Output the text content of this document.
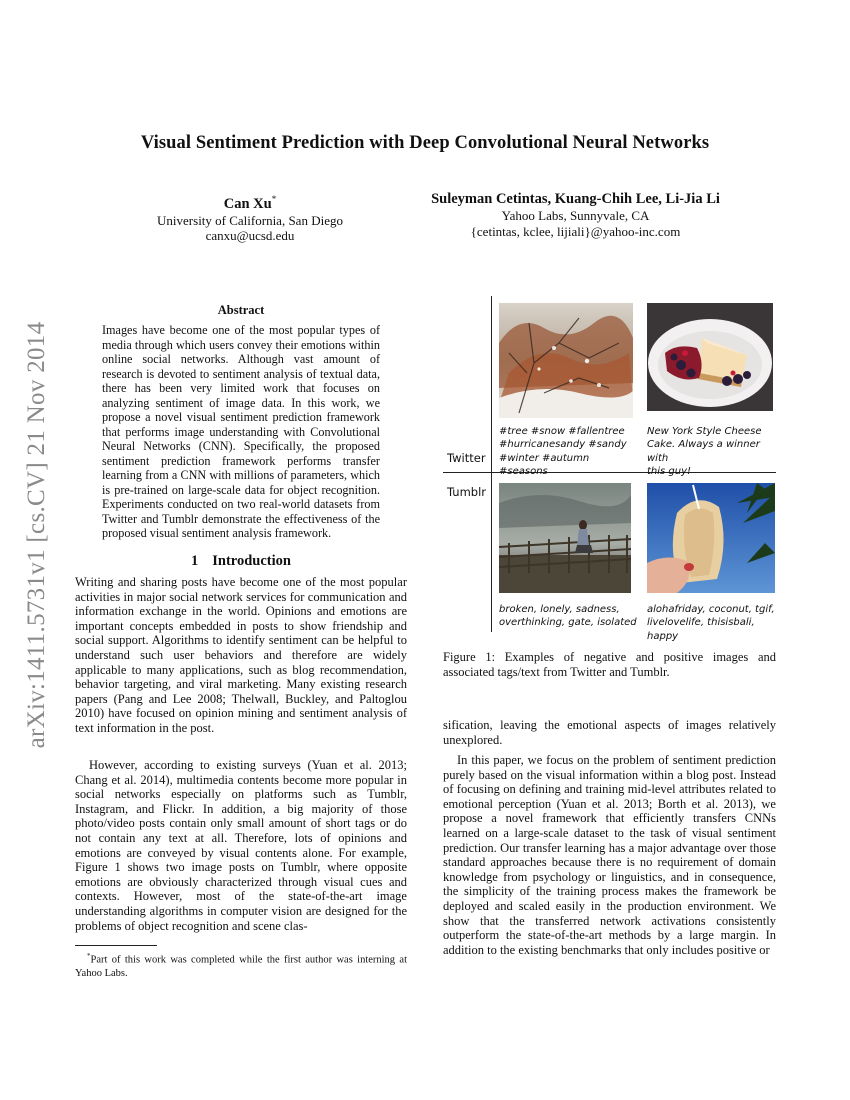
Visual Sentiment Prediction with Deep Convolutional Neural Networks
Can Xu*
University of California, San Diego
canxu@ucsd.edu
Suleyman Cetintas, Kuang-Chih Lee, Li-Jia Li
Yahoo Labs, Sunnyvale, CA
{cetintas, kclee, lijiali}@yahoo-inc.com
arXiv:1411.5731v1 [cs.CV] 21 Nov 2014
Abstract
Images have become one of the most popular types of media through which users convey their emotions within online social networks. Although vast amount of research is devoted to sentiment analysis of textual data, there has been very limited work that focuses on analyzing sentiment of image data. In this work, we propose a novel visual sentiment prediction framework that performs image understanding with Convolutional Neural Networks (CNN). Specifically, the proposed sentiment prediction framework performs transfer learning from a CNN with millions of parameters, which is pre-trained on large-scale data for object recognition. Experiments conducted on two real-world datasets from Twitter and Tumblr demonstrate the effectiveness of the proposed visual sentiment analysis framework.
1 Introduction
Writing and sharing posts have become one of the most popular activities in major social network services for communication and information exchange in the world. Opinions and emotions are important concepts embedded in posts to show friendship and social support. Algorithms to identify sentiment can be helpful to understand such user behaviors and therefore are widely applicable to many applications, such as blog recommendation, behavior targeting, and viral marketing. Many existing research papers (Pang and Lee 2008; Thelwall, Buckley, and Paltoglou 2010) have focused on opinion mining and sentiment analysis of text information in the post.
However, according to existing surveys (Yuan et al. 2013; Chang et al. 2014), multimedia contents become more popular in social networks especially on platforms such as Tumblr, Instagram, and Flickr. In addition, a big majority of those photo/video posts contain only small amount of short tags or do not contain any text at all. Therefore, lots of opinions and emotions are conveyed by visual contents alone. For example, Figure 1 shows two image posts on Tumblr, where opposite emotions are obviously characterized through visual cues and contexts. However, most of the state-of-the-art image understanding algorithms in computer vision are designed for the problems of object recognition and scene clas-
*Part of this work was completed while the first author was interning at Yahoo Labs.
Twitter
#tree #snow #fallentree
#hurricanesandy #sandy
#winter #autumn #seasons
New York Style Cheese
Cake. Always a winner with
this guy!
Tumblr
broken, lonely, sadness,
overthinking, gate, isolated
alohafriday, coconut, tgif,
livelovelife, thisisbali, happy
Figure 1: Examples of negative and positive images and associated tags/text from Twitter and Tumblr.
sification, leaving the emotional aspects of images relatively unexplored.
In this paper, we focus on the problem of sentiment prediction purely based on the visual information within a blog post. Instead of focusing on defining and training mid-level attributes related to emotional perception (Yuan et al. 2013; Borth et al. 2013), we propose a novel framework that efficiently transfers CNNs learned on a large-scale dataset to the task of visual sentiment prediction. Our transfer learning has a major advantage over those standard approaches because there is no requirement of domain knowledge from psychology or linguistics, and in consequence, the simplicity of the training process makes the framework be deployed and scaled easily in the production environment. We show that the transferred network activations consistently outperform the state-of-the-art methods by a large margin. In addition to the existing benchmarks that only includes positive or
